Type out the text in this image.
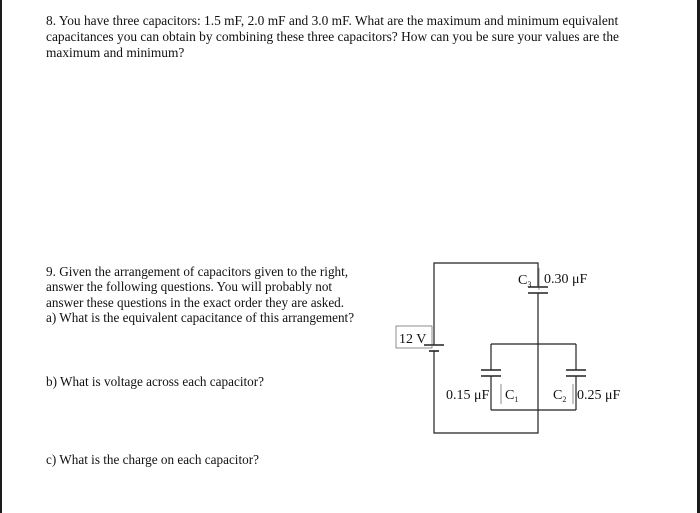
8. You have three capacitors: 1.5 mF, 2.0 mF and 3.0 mF. What are the maximum and minimum equivalent
capacitances you can obtain by combining these three capacitors? How can you be sure your values are the
maximum and minimum?

9. Given the arrangement of capacitors given to the right,
answer the following questions. You will probably not
answer these questions in the exact order they are asked.
a) What is the equivalent capacitance of this arrangement?
b) What is voltage across each capacitor?
c) What is the charge on each capacitor?
12 V
$C_3$ 0.30 μF
0.15 μF $C_1$ $C_2$ 0.25 μF
